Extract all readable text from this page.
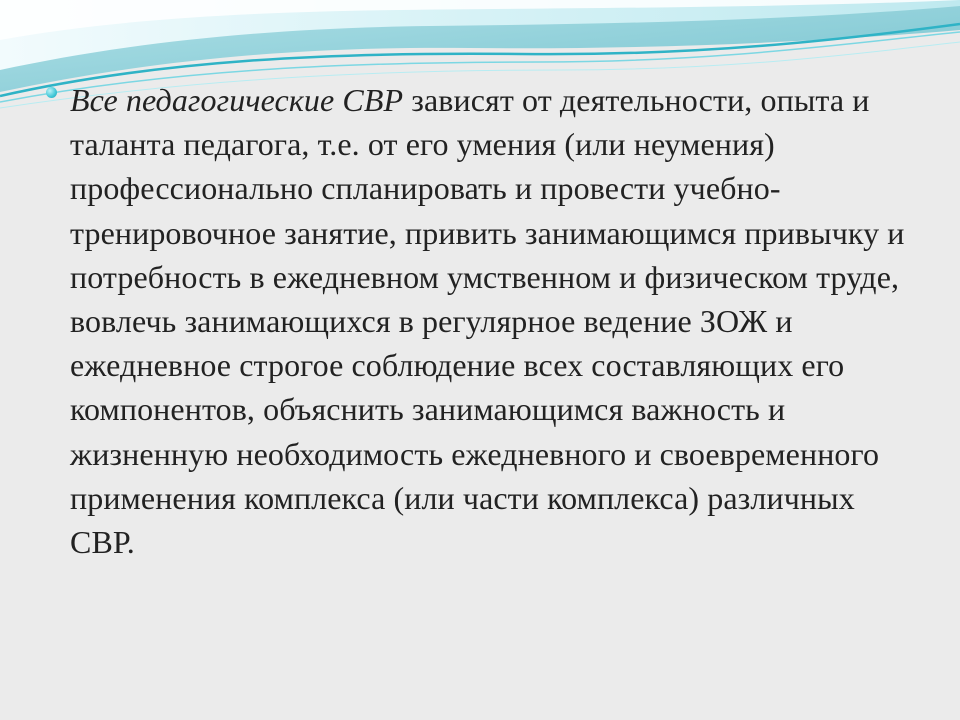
Все педагогические СВР зависят от деятельности, опыта и таланта педагога, т.е. от его умения (или неумения) профессионально спланировать и провести учебно-тренировочное занятие, привить занимающимся привычку и потребность в ежедневном умственном и физическом труде, вовлечь занимающихся в регулярное ведение ЗОЖ и ежедневное строгое соблюдение всех составляющих его компонентов, объяснить занимающимся важность и жизненную необходимость ежедневного и своевременного применения комплекса (или части комплекса) различных СВР.
